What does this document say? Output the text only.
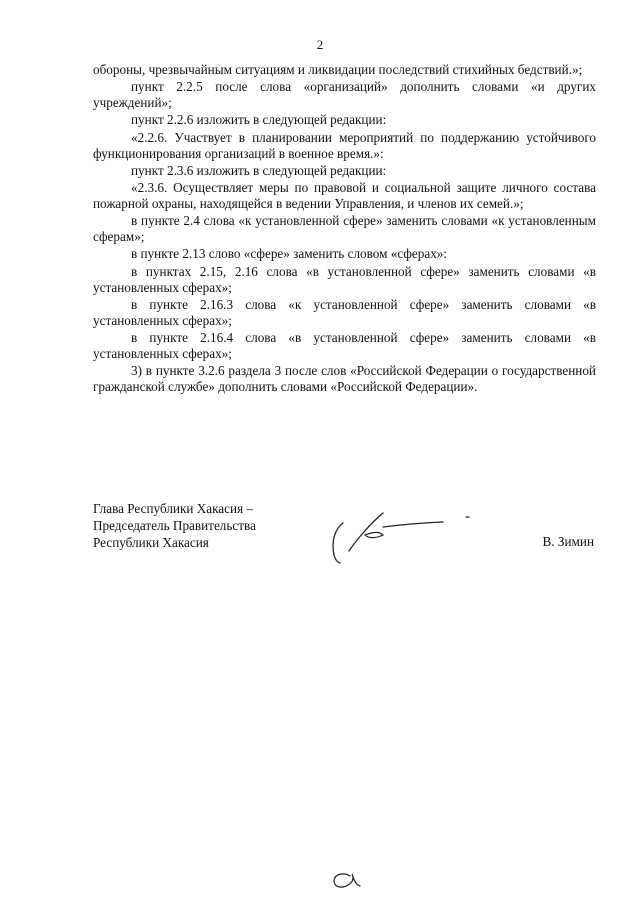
2

обороны, чрезвычайным ситуациям и ликвидации последствий стихийных бедствий.»;

пункт 2.2.5 после слова «организаций» дополнить словами «и других учреждений»;

пункт 2.2.6 изложить в следующей редакции:

«2.2.6. Участвует в планировании мероприятий по поддержанию устойчивого функционирования организаций в военное время.»:

пункт 2.3.6 изложить в следующей редакции:

«2.3.6. Осуществляет меры по правовой и социальной защите личного состава пожарной охраны, находящейся в ведении Управления, и членов их семей.»;

в пункте 2.4 слова «к установленной сфере» заменить словами «к установленным сферам»;

в пункте 2.13 слово «сфере» заменить словом «сферах»:

в пунктах 2.15, 2.16 слова «в установленной сфере» заменить словами «в установленных сферах»;

в пункте 2.16.3 слова «к установленной сфере» заменить словами «в установленных сферах»;

в пункте 2.16.4 слова «в установленной сфере» заменить словами «в установленных сферах»;

3) в пункте 3.2.6 раздела 3 после слов «Российской Федерации о государственной гражданской службе» дополнить словами «Российской Федерации».

Глава Республики Хакасия –
Председатель Правительства
Республики Хакасия	В. Зимин
